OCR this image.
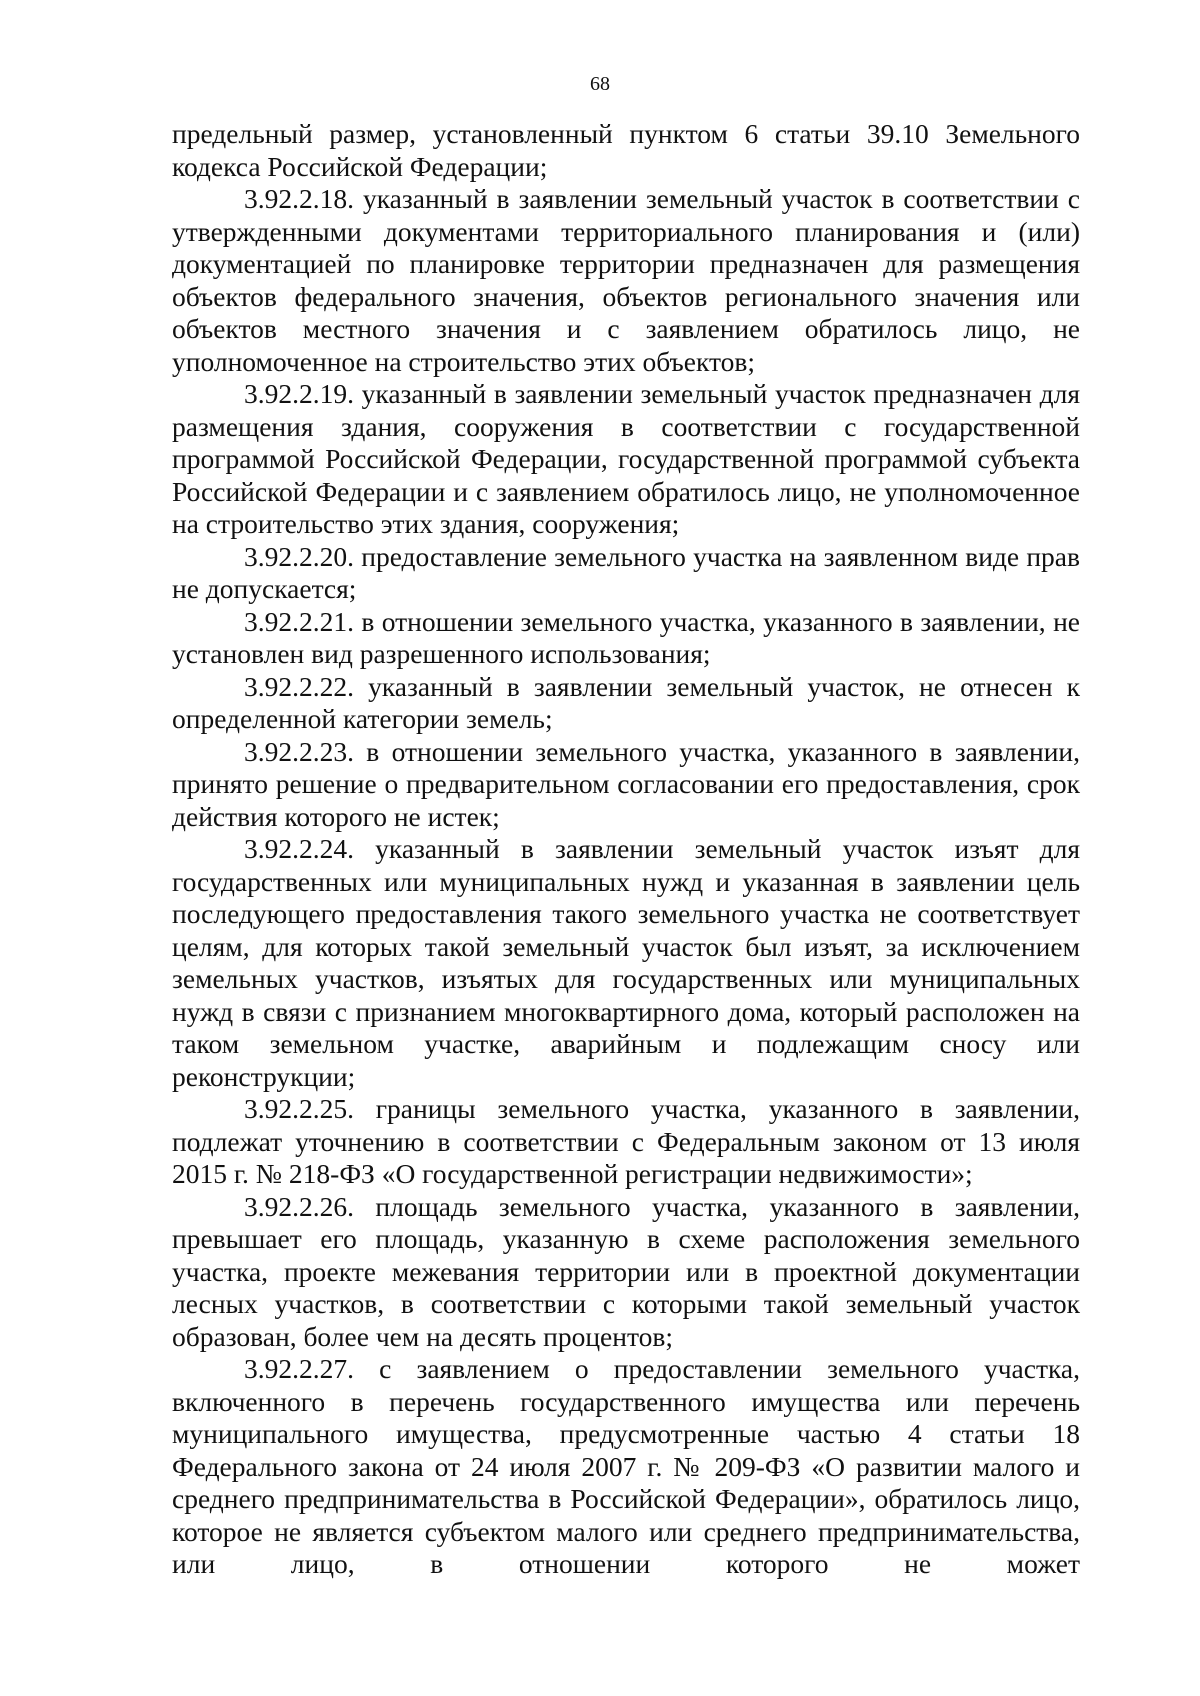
68

предельный размер, установленный пунктом 6 статьи 39.10 Земельного кодекса Российской Федерации;

3.92.2.18. указанный в заявлении земельный участок в соответствии с утвержденными документами территориального планирования и (или) документацией по планировке территории предназначен для размещения объектов федерального значения, объектов регионального значения или объектов местного значения и с заявлением обратилось лицо, не уполномоченное на строительство этих объектов;

3.92.2.19. указанный в заявлении земельный участок предназначен для размещения здания, сооружения в соответствии с государственной программой Российской Федерации, государственной программой субъекта Российской Федерации и с заявлением обратилось лицо, не уполномоченное на строительство этих здания, сооружения;

3.92.2.20. предоставление земельного участка на заявленном виде прав не допускается;

3.92.2.21. в отношении земельного участка, указанного в заявлении, не установлен вид разрешенного использования;

3.92.2.22. указанный в заявлении земельный участок, не отнесен к определенной категории земель;

3.92.2.23. в отношении земельного участка, указанного в заявлении, принято решение о предварительном согласовании его предоставления, срок действия которого не истек;

3.92.2.24. указанный в заявлении земельный участок изъят для государственных или муниципальных нужд и указанная в заявлении цель последующего предоставления такого земельного участка не соответствует целям, для которых такой земельный участок был изъят, за исключением земельных участков, изъятых для государственных или муниципальных нужд в связи с признанием многоквартирного дома, который расположен на таком земельном участке, аварийным и подлежащим сносу или реконструкции;

3.92.2.25. границы земельного участка, указанного в заявлении, подлежат уточнению в соответствии с Федеральным законом от 13 июля 2015 г. № 218-ФЗ «О государственной регистрации недвижимости»;

3.92.2.26. площадь земельного участка, указанного в заявлении, превышает его площадь, указанную в схеме расположения земельного участка, проекте межевания территории или в проектной документации лесных участков, в соответствии с которыми такой земельный участок образован, более чем на десять процентов;

3.92.2.27. с заявлением о предоставлении земельного участка, включенного в перечень государственного имущества или перечень муниципального имущества, предусмотренные частью 4 статьи 18 Федерального закона от 24 июля 2007 г. № 209-ФЗ «О развитии малого и среднего предпринимательства в Российской Федерации», обратилось лицо, которое не является субъектом малого или среднего предпринимательства, или лицо, в отношении которого не может
